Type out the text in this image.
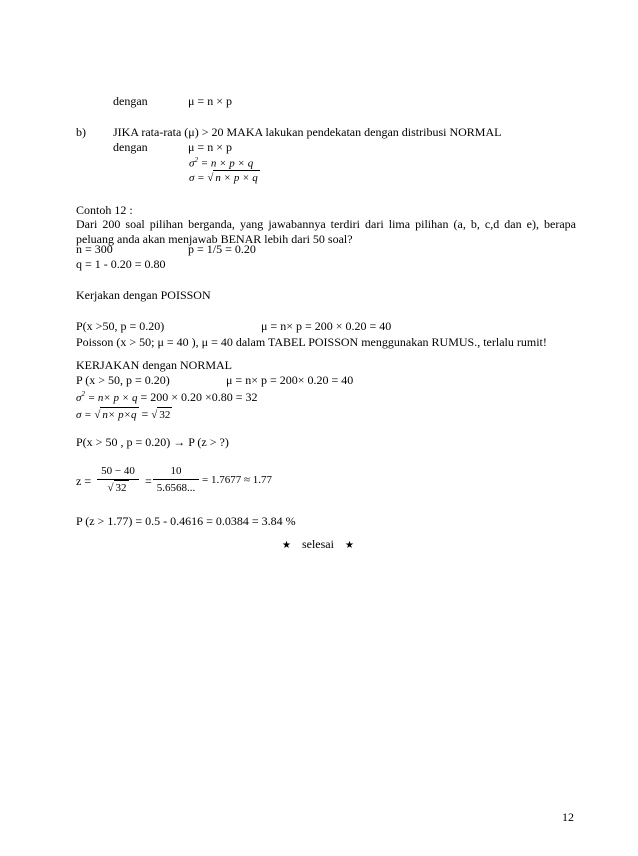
dengan	μ = n × p
b) JIKA rata-rata (μ) > 20 MAKA lakukan pendekatan dengan distribusi NORMAL
dengan	μ = n × p
$\sigma^2 = n \times p \times q$
σ = √ n × p × q
Contoh 12 :
Dari 200 soal pilihan berganda, yang jawabannya terdiri dari lima pilihan (a, b, c,d dan e), berapa peluang anda akan menjawab BENAR lebih dari 50 soal?
n = 300	p = 1/5 = 0.20
q = 1 - 0.20 = 0.80
Kerjakan dengan POISSON
P(x >50, p = 0.20)	μ = n× p = 200 × 0.20 = 40
Poisson (x > 50; μ = 40 ), μ = 40 dalam TABEL POISSON menggunakan RUMUS., terlalu rumit!
KERJAKAN dengan NORMAL
P (x > 50, p = 0.20)	μ = n× p = 200× 0.20 = 40
$\sigma^2 = n\times p \times q = 200 \times 0.20 \times 0.80 = 32$
σ = √ n× p×q = √ 32
P(x > 50 , p = 0.20) → P (z > ?)
$z = \frac{50 - 40}{√ 32} = \frac{10}{5.6568...} = 1.7677 \approx 1.77$
P (z > 1.77) = 0.5 - 0.4616 = 0.0384 = 3.84 %
★ selesai ★
12
